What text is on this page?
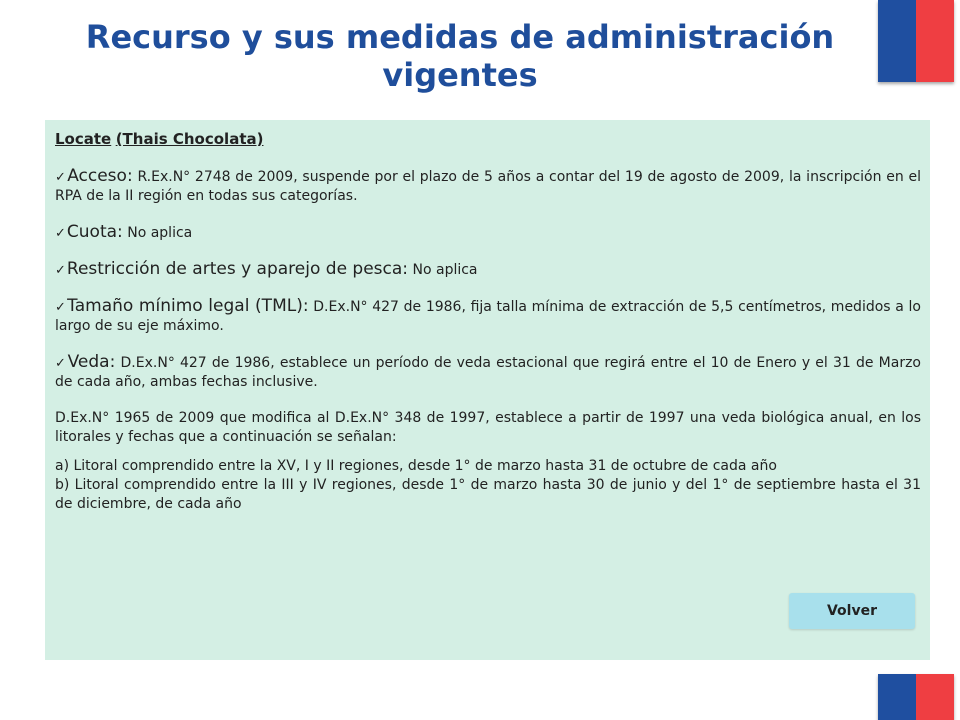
Recurso y sus medidas de administración vigentes

Locate (Thais Chocolata)

✓Acceso: R.Ex.N° 2748 de 2009, suspende por el plazo de 5 años a contar del 19 de agosto de 2009, la inscripción en el RPA de la II región en todas sus categorías.

✓Cuota: No aplica

✓Restricción de artes y aparejo de pesca: No aplica

✓Tamaño mínimo legal (TML): D.Ex.N° 427 de 1986, fija talla mínima de extracción de 5,5 centímetros, medidos a lo largo de su eje máximo.

✓Veda: D.Ex.N° 427 de 1986, establece un período de veda estacional que regirá entre el 10 de Enero y el 31 de Marzo de cada año, ambas fechas inclusive.

D.Ex.N° 1965 de 2009 que modifica al D.Ex.N° 348 de 1997, establece a partir de 1997 una veda biológica anual, en los litorales y fechas que a continuación se señalan:

a) Litoral comprendido entre la XV, I y II regiones, desde 1° de marzo hasta 31 de octubre de cada año

b) Litoral comprendido entre la III y IV regiones, desde 1° de marzo hasta 30 de junio y del 1° de septiembre hasta el 31 de diciembre, de cada año

Volver
